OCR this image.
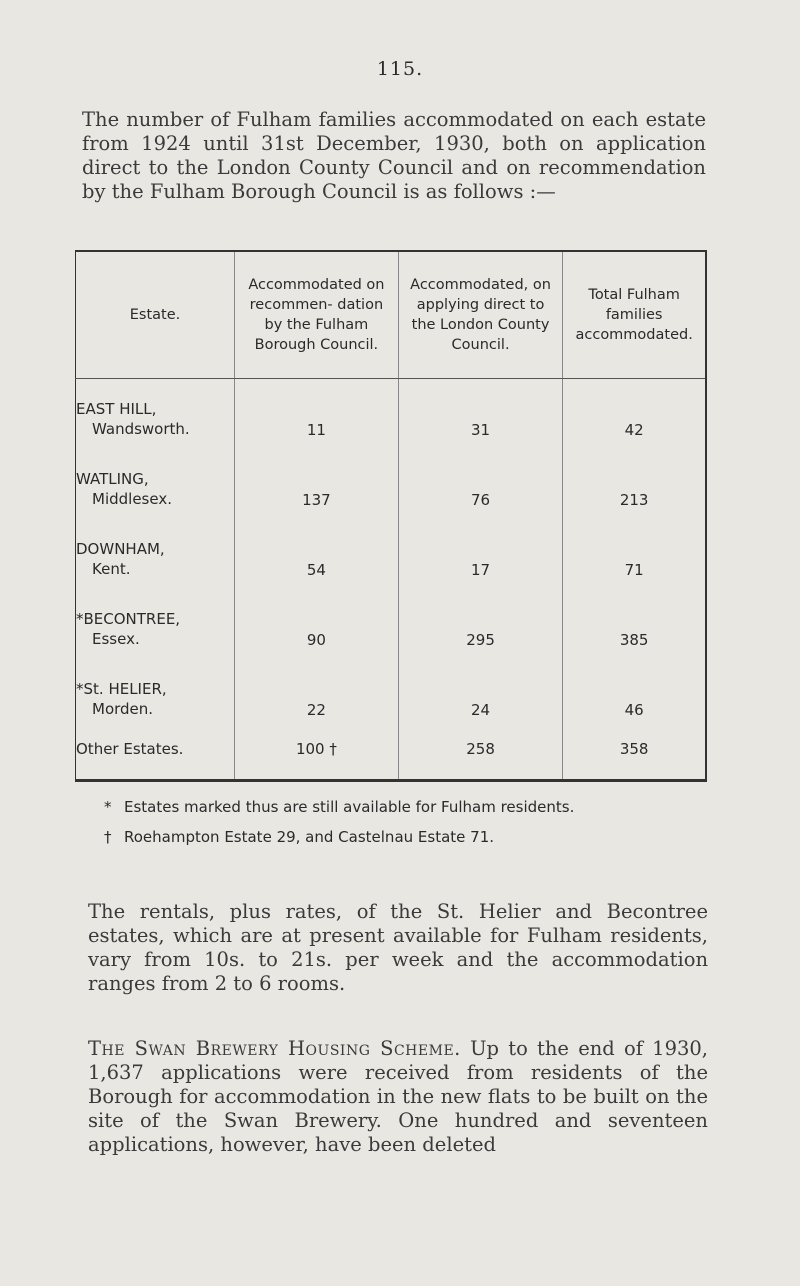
115.
The number of Fulham families accommodated on each estate from 1924 until 31st December, 1930, both on application direct to the London County Council and on recommendation by the Fulham Borough Council is as follows :—
Estate.	Accommodated on recommen- dation by the Fulham Borough Council.	Accommodated, on applying direct to the London County Council.	Total Fulham families accommodated.

EAST HILL,
Wandsworth.	11	31	42

WATLING,
Middlesex.	137	76	213

DOWNHAM,
Kent.	54	17	71

*BECONTREE,
Essex.	90	295	385

*St. HELIER,
Morden.	22	24	46

Other Estates.	100 †	258	358
* Estates marked thus are still available for Fulham residents.
† Roehampton Estate 29, and Castelnau Estate 71.
The rentals, plus rates, of the St. Helier and Becontree estates, which are at present available for Fulham residents, vary from 10s. to 21s. per week and the accommodation ranges from 2 to 6 rooms.
The Swan Brewery Housing Scheme. Up to the end of 1930, 1,637 applications were received from residents of the Borough for accommodation in the new flats to be built on the site of the Swan Brewery. One hundred and seventeen applications, however, have been deleted
